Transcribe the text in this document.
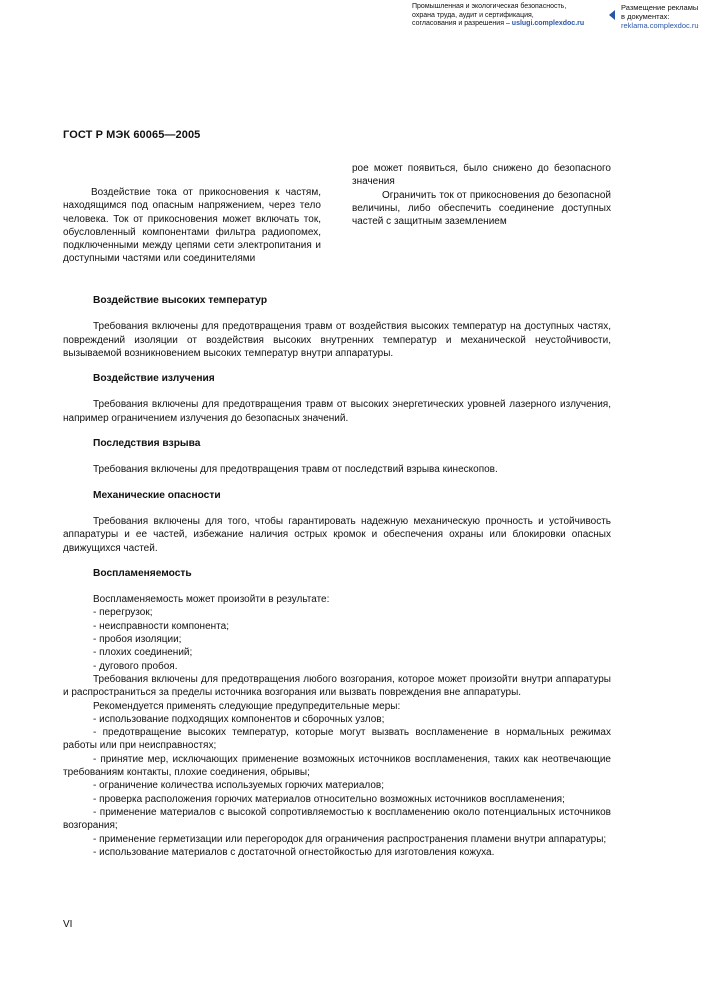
Промышленная и экологическая безопасность,
охрана труда, аудит и сертификация,
согласования и разрешения – uslugi.complexdoc.ru
Размещение рекламы
в документах:
reklama.complexdoc.ru
ГОСТ Р МЭК 60065—2005
Воздействие тока от прикосновения к частям, находящимся под опасным напряжением, через тело человека. Ток от прикосновения может включать ток, обусловленный компонентами фильтра радиопомех, подключенными между цепями сети электропитания и доступными частями или соединителями

рое может появиться, было снижено до безопасного значения

Ограничить ток от прикосновения до безопасной величины, либо обеспечить соединение доступных частей с защитным заземлением

Воздействие высоких температур

Требования включены для предотвращения травм от воздействия высоких температур на доступных частях, повреждений изоляции от воздействия высоких внутренних температур и механической неустойчивости, вызываемой возникновением высоких температур внутри аппаратуры.

Воздействие излучения

Требования включены для предотвращения травм от высоких энергетических уровней лазерного излучения, например ограничением излучения до безопасных значений.

Последствия взрыва

Требования включены для предотвращения травм от последствий взрыва кинескопов.

Механические опасности

Требования включены для того, чтобы гарантировать надежную механическую прочность и устойчивость аппаратуры и ее частей, избежание наличия острых кромок и обеспечения охраны или блокировки опасных движущихся частей.

Воспламеняемость

Воспламеняемость может произойти в результате:

- перегрузок;

- неисправности компонента;

- пробоя изоляции;

- плохих соединений;

- дугового пробоя.

Требования включены для предотвращения любого возгорания, которое может произойти внутри аппаратуры и распространиться за пределы источника возгорания или вызвать повреждения вне аппаратуры.

Рекомендуется применять следующие предупредительные меры:

- использование подходящих компонентов и сборочных узлов;

- предотвращение высоких температур, которые могут вызвать воспламенение в нормальных режимах работы или при неисправностях;

- принятие мер, исключающих применение возможных источников воспламенения, таких как неотвечающие требованиям контакты, плохие соединения, обрывы;

- ограничение количества используемых горючих материалов;

- проверка расположения горючих материалов относительно возможных источников воспламенения;

- применение материалов с высокой сопротивляемостью к воспламенению около потенциальных источников возгорания;

- применение герметизации или перегородок для ограничения распространения пламени внутри аппаратуры;

- использование материалов с достаточной огнестойкостью для изготовления кожуха.

VI
